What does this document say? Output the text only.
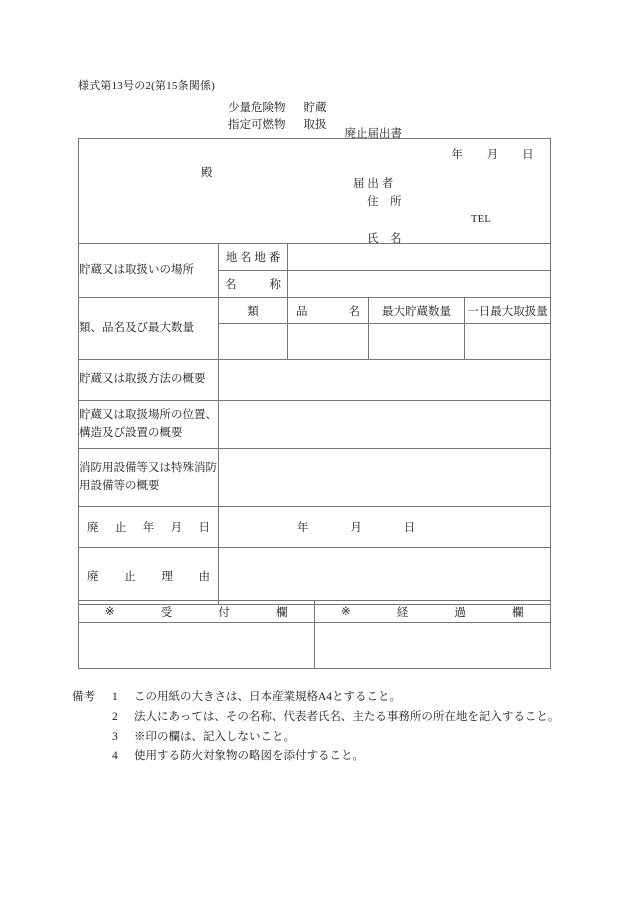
様式第13号の2(第15条関係)
少量危険物
指定可燃物
貯蔵
取扱
廃止届出書
年 月 日
殿
届 出 者
住　所
TEL
氏　名

貯蔵又は取扱いの場所	地 名 地 番			

	名 称			

類、品名及び最大数量	類	品 名	最大貯蔵数量	一日最大取扱量

貯蔵又は取扱方法の概要				
貯蔵又は取扱場所の位置、構造及び設置の概要				
消防用設備等又は特殊消防用設備等の概要				

廃 止 年 月 日	年 月 日			

廃 止 理 由				

※ 受 付 欄	※ 経 過 欄

備考	1	この用紙の大きさは、日本産業規格A4とすること。
2	法人にあっては、その名称、代表者氏名、主たる事務所の所在地を記入すること。
3	※印の欄は、記入しないこと。
4	使用する防火対象物の略図を添付すること。
